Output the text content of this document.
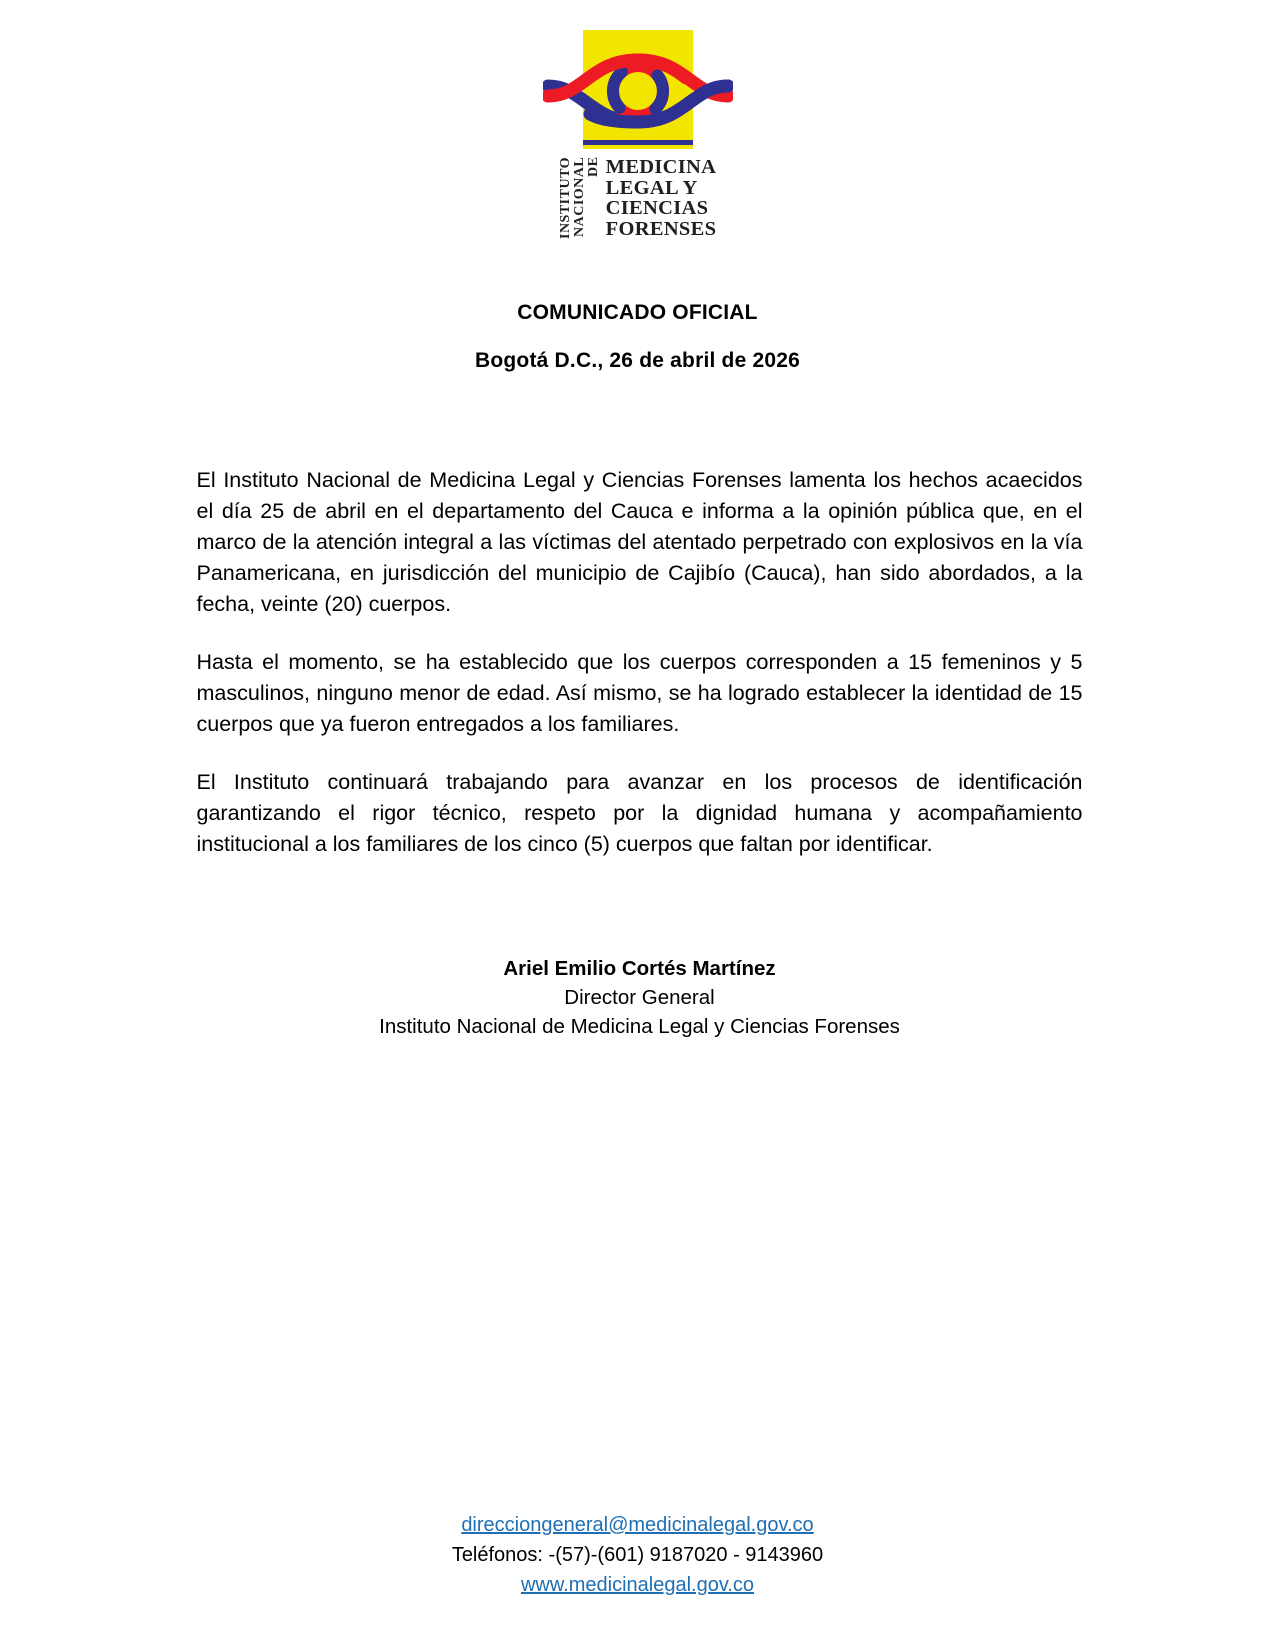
INSTITUTO NACIONAL DE MEDICINA
LEGAL Y
CIENCIAS
FORENSES
COMUNICADO OFICIAL
Bogotá D.C., 26 de abril de 2026

El Instituto Nacional de Medicina Legal y Ciencias Forenses lamenta los hechos acaecidos el día 25 de abril en el departamento del Cauca e informa a la opinión pública que, en el marco de la atención integral a las víctimas del atentado perpetrado con explosivos en la vía Panamericana, en jurisdicción del municipio de Cajibío (Cauca), han sido abordados, a la fecha, veinte (20) cuerpos.

Hasta el momento, se ha establecido que los cuerpos corresponden a 15 femeninos y 5 masculinos, ninguno menor de edad. Así mismo, se ha logrado establecer la identidad de 15 cuerpos que ya fueron entregados a los familiares.

El Instituto continuará trabajando para avanzar en los procesos de identificación garantizando el rigor técnico, respeto por la dignidad humana y acompañamiento institucional a los familiares de los cinco (5) cuerpos que faltan por identificar.

Ariel Emilio Cortés Martínez
Director General
Instituto Nacional de Medicina Legal y Ciencias Forenses
direcciongeneral@medicinalegal.gov.co
Teléfonos: -(57)-(601) 9187020 - 9143960
www.medicinalegal.gov.co
